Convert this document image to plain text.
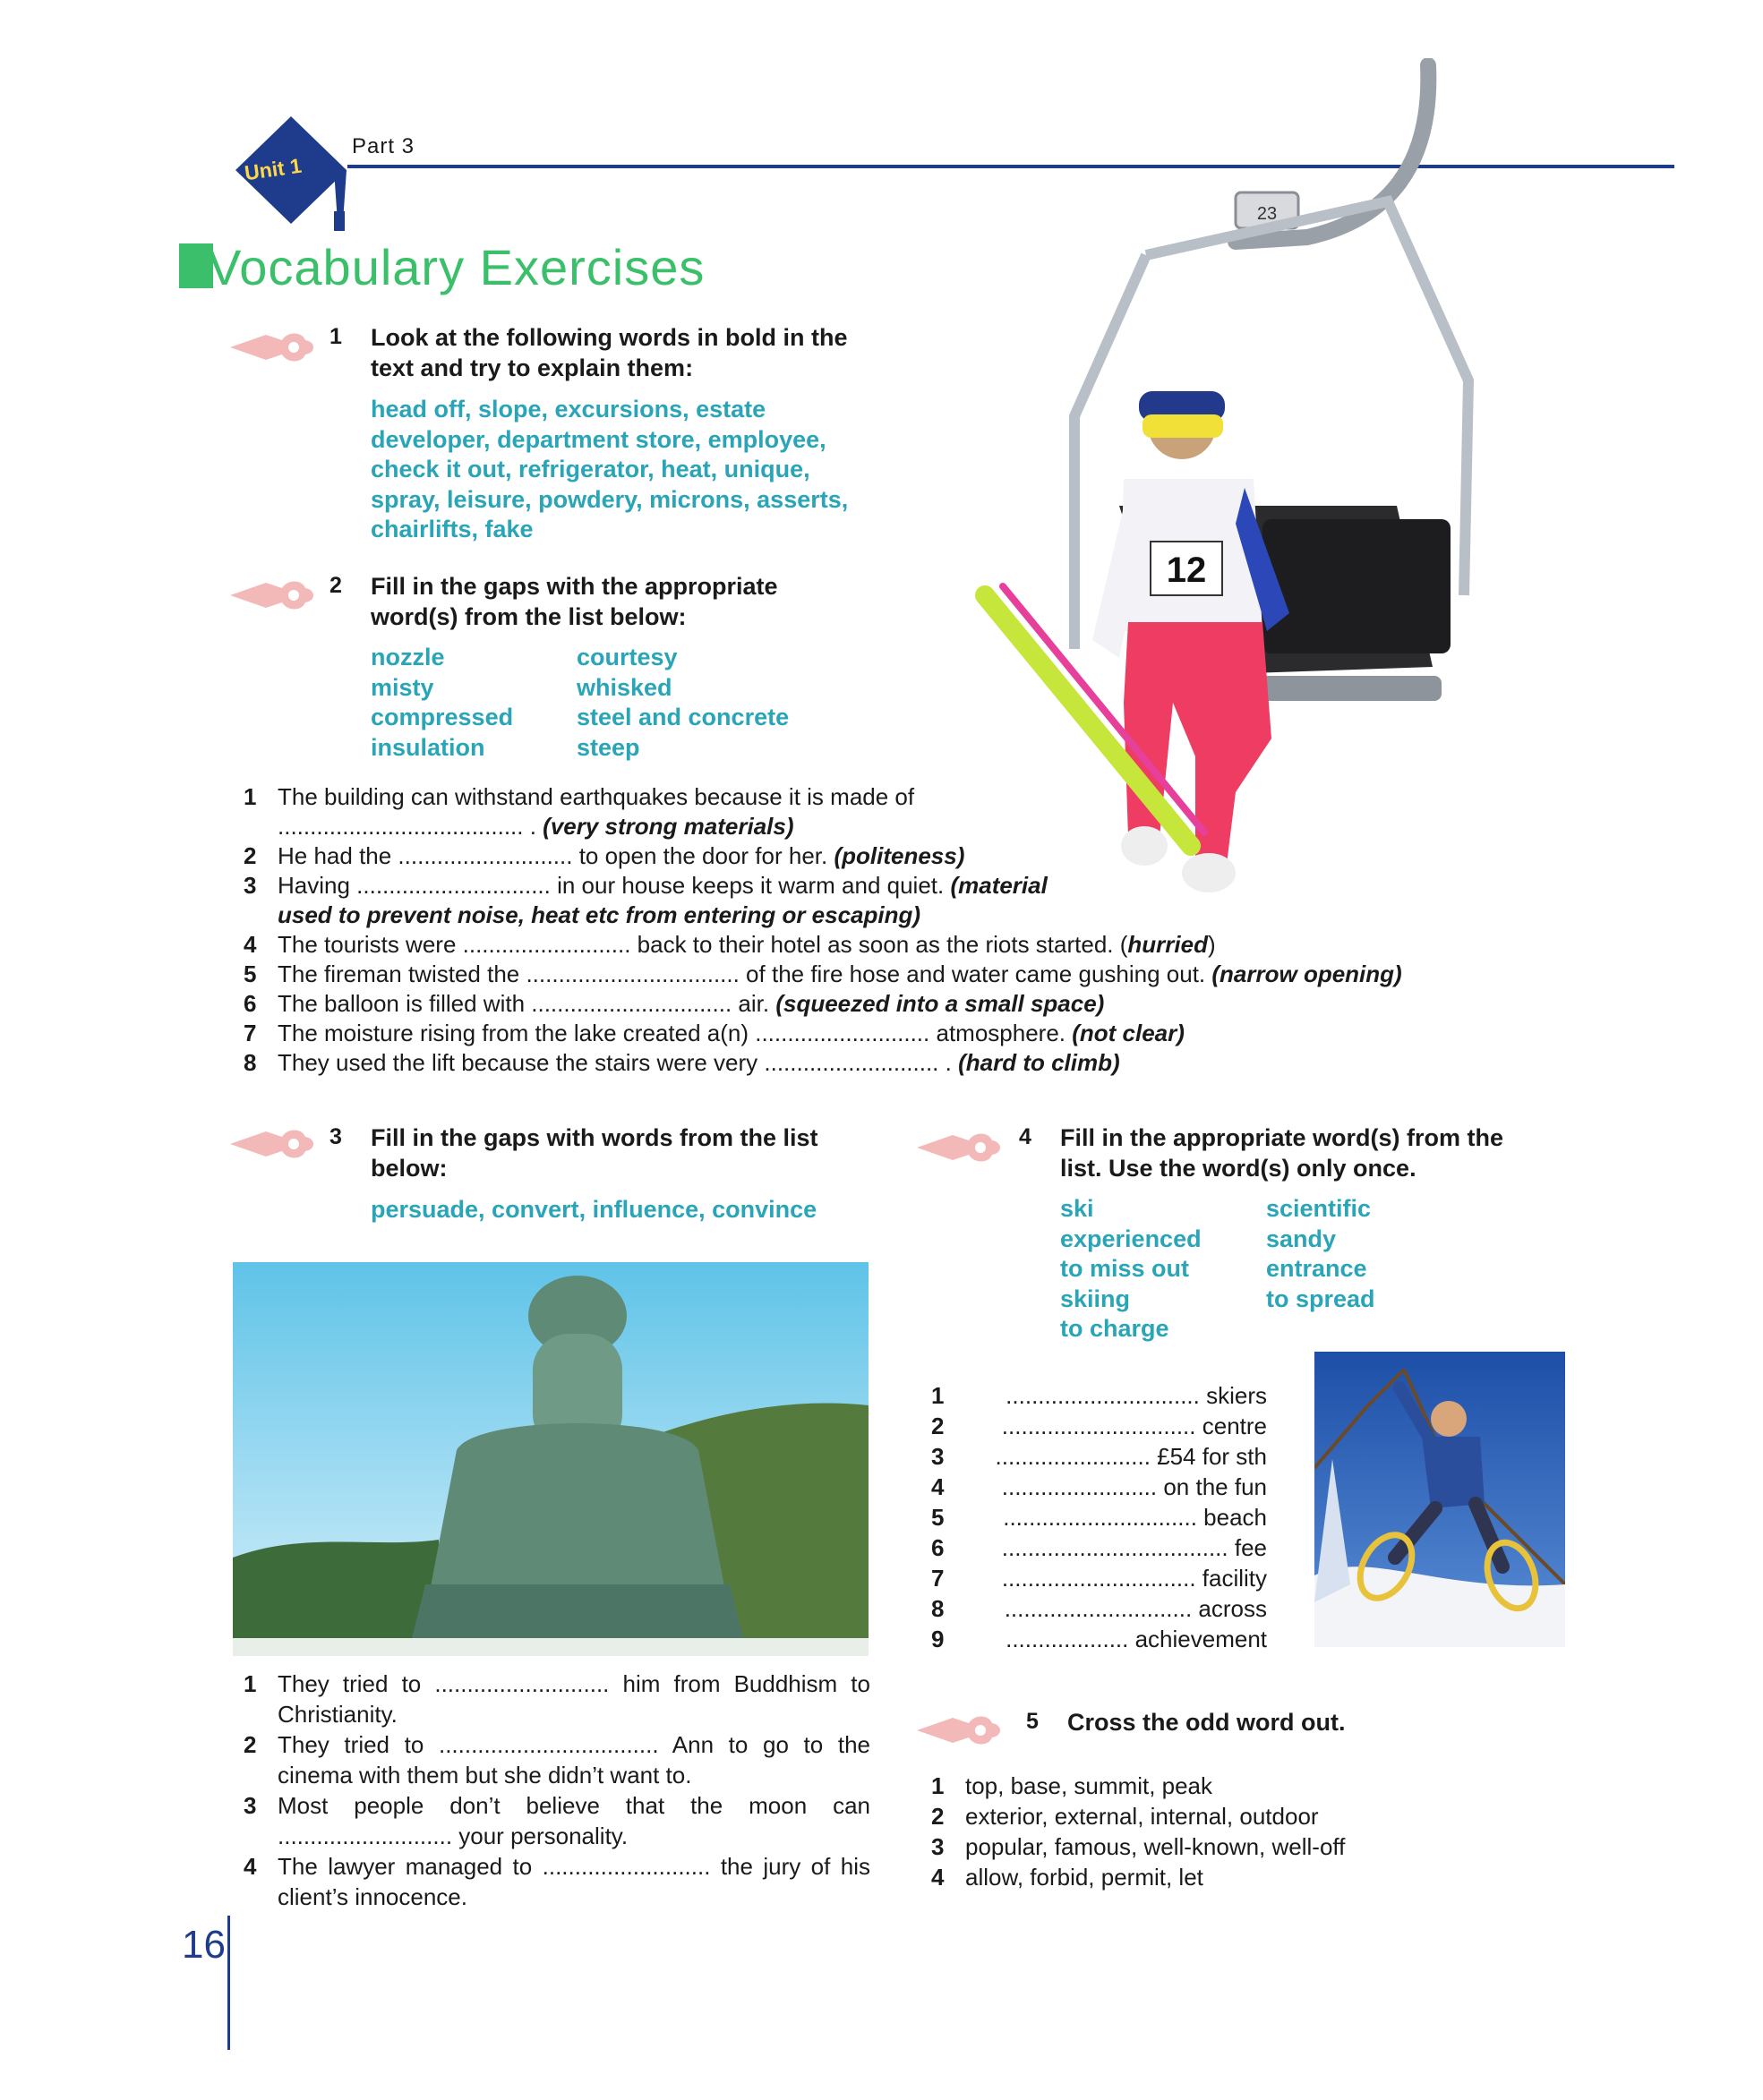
Unit 1
Part 3
Vocabulary Exercises
23
12
1 Look at the following words in bold in the text and try to explain them:
head off, slope, excursions, estate developer, department store, employee, check it out, refrigerator, heat, unique, spray, leisure, powdery, microns, asserts, chairlifts, fake
2 Fill in the gaps with the appropriate word(s) from the list below:
nozzle	courtesy
misty	whisked
compressed	steel and concrete
insulation	steep
1 The building can withstand earthquakes because it is made of
...................................... . (very strong materials)
2 He had the ........................... to open the door for her. (politeness)
3 Having .............................. in our house keeps it warm and quiet. (material
used to prevent noise, heat etc from entering or escaping)
4 The tourists were .......................... back to their hotel as soon as the riots started. (hurried)
5 The fireman twisted the ................................. of the fire hose and water came gushing out. (narrow opening)
6 The balloon is filled with ............................... air. (squeezed into a small space)
7 The moisture rising from the lake created a(n) ........................... atmosphere. (not clear)
8 They used the lift because the stairs were very ........................... . (hard to climb)
3 Fill in the gaps with words from the list below:
persuade, convert, influence, convince
1 They tried to ........................... him from Buddhism to Christianity.
2 They tried to .................................. Ann to go to the cinema with them but she didn’t want to.
3 Most people don’t believe that the moon can ........................... your personality.
4 The lawyer managed to .......................... the jury of his client’s innocence.
4 Fill in the appropriate word(s) from the list. Use the word(s) only once.
ski	scientific
experienced	sandy
to miss out	entrance
skiing	to spread
to charge
1	.............................. skiers
2	.............................. centre
3	........................ £54 for sth
4	........................ on the fun
5	.............................. beach
6	................................... fee
7	.............................. facility
8	............................. across
9	................... achievement
5 Cross the odd word out.
1 top, base, summit, peak
2 exterior, external, internal, outdoor
3 popular, famous, well-known, well-off
4 allow, forbid, permit, let
16
